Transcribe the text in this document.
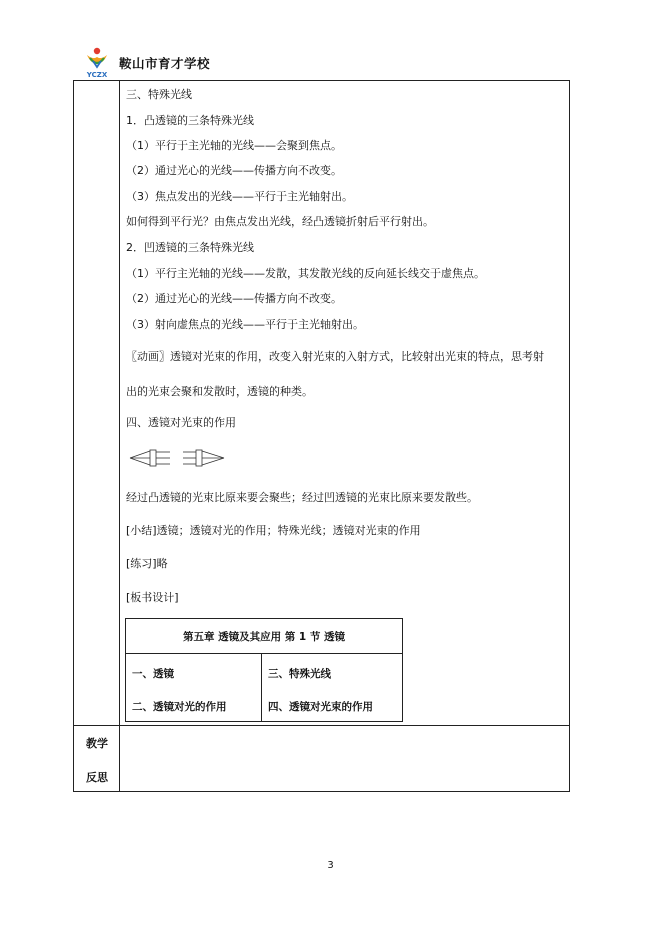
YCZX
鞍山市育才学校
教学
反思
三、特殊光线
1．凸透镜的三条特殊光线
（1）平行于主光轴的光线——会聚到焦点。
（2）通过光心的光线——传播方向不改变。
（3）焦点发出的光线——平行于主光轴射出。
如何得到平行光？由焦点发出光线，经凸透镜折射后平行射出。
2．凹透镜的三条特殊光线
（1）平行主光轴的光线——发散，其发散光线的反向延长线交于虚焦点。
（2）通过光心的光线——传播方向不改变。
（3）射向虚焦点的光线——平行于主光轴射出。
〖动画〗透镜对光束的作用，改变入射光束的入射方式，比较射出光束的特点，思考射
出的光束会聚和发散时，透镜的种类。
四、透镜对光束的作用
经过凸透镜的光束比原来要会聚些；经过凹透镜的光束比原来要发散些。
[小结]透镜；透镜对光的作用；特殊光线；透镜对光束的作用
[练习]略
[板书设计]
第五章 透镜及其应用 第 1 节 透镜
一、透镜	三、特殊光线
二、透镜对光的作用	四、透镜对光束的作用
3
